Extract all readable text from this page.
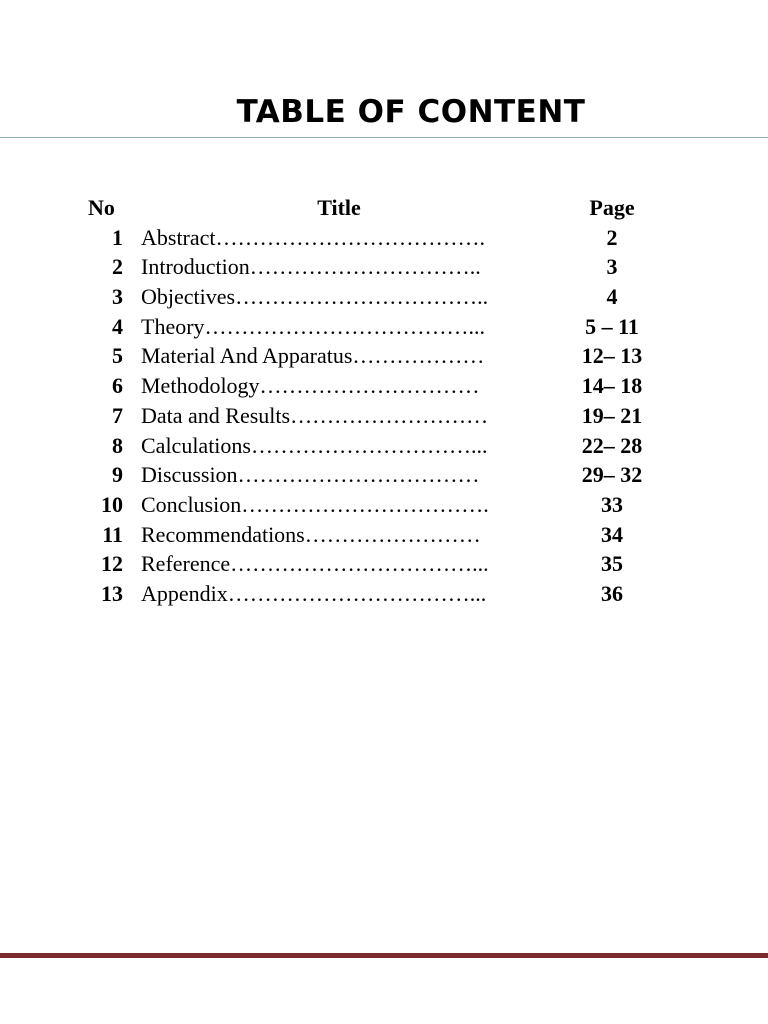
TABLE OF CONTENT
No	Title	Page
1 Abstract……………………………….	2
2 Introduction…………………………..	3
3 Objectives……………………………..	4
4 Theory………………………………...	5 – 11
5 Material And Apparatus………………	12– 13
6 Methodology…………………………	14– 18
7 Data and Results………………………	19– 21
8 Calculations…………………………...	22– 28
9 Discussion……………………………	29– 32
10 Conclusion…………………………….	33
11 Recommendations……………………	34
12 Reference……………………………...	35
13 Appendix……………………………...	36
